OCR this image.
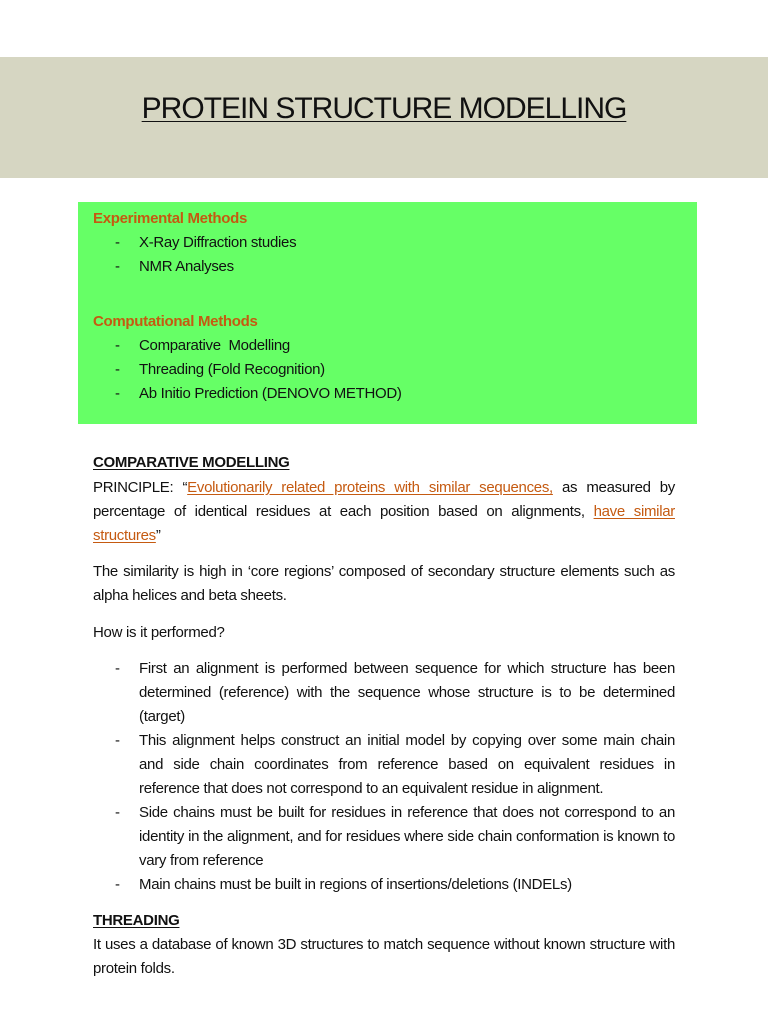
PROTEIN STRUCTURE MODELLING
Experimental Methods
- X-Ray Diffraction studies
- NMR Analyses
Computational Methods
- Comparative  Modelling
- Threading (Fold Recognition)
- Ab Initio Prediction (DENOVO METHOD)
COMPARATIVE MODELLING
PRINCIPLE: “Evolutionarily related proteins with similar sequences, as measured by percentage of identical residues at each position based on alignments, have similar structures”
The similarity is high in ‘core regions’ composed of secondary structure elements such as alpha helices and beta sheets.
How is it performed?
- First an alignment is performed between sequence for which structure has been determined (reference) with the sequence whose structure is to be determined (target)
- This alignment helps construct an initial model by copying over some main chain and side chain coordinates from reference based on equivalent residues in reference that does not correspond to an equivalent residue in alignment.
- Side chains must be built for residues in reference that does not correspond to an identity in the alignment, and for residues where side chain conformation is known to vary from reference
- Main chains must be built in regions of insertions/deletions (INDELs)
THREADING
It uses a database of known 3D structures to match sequence without known structure with protein folds.
